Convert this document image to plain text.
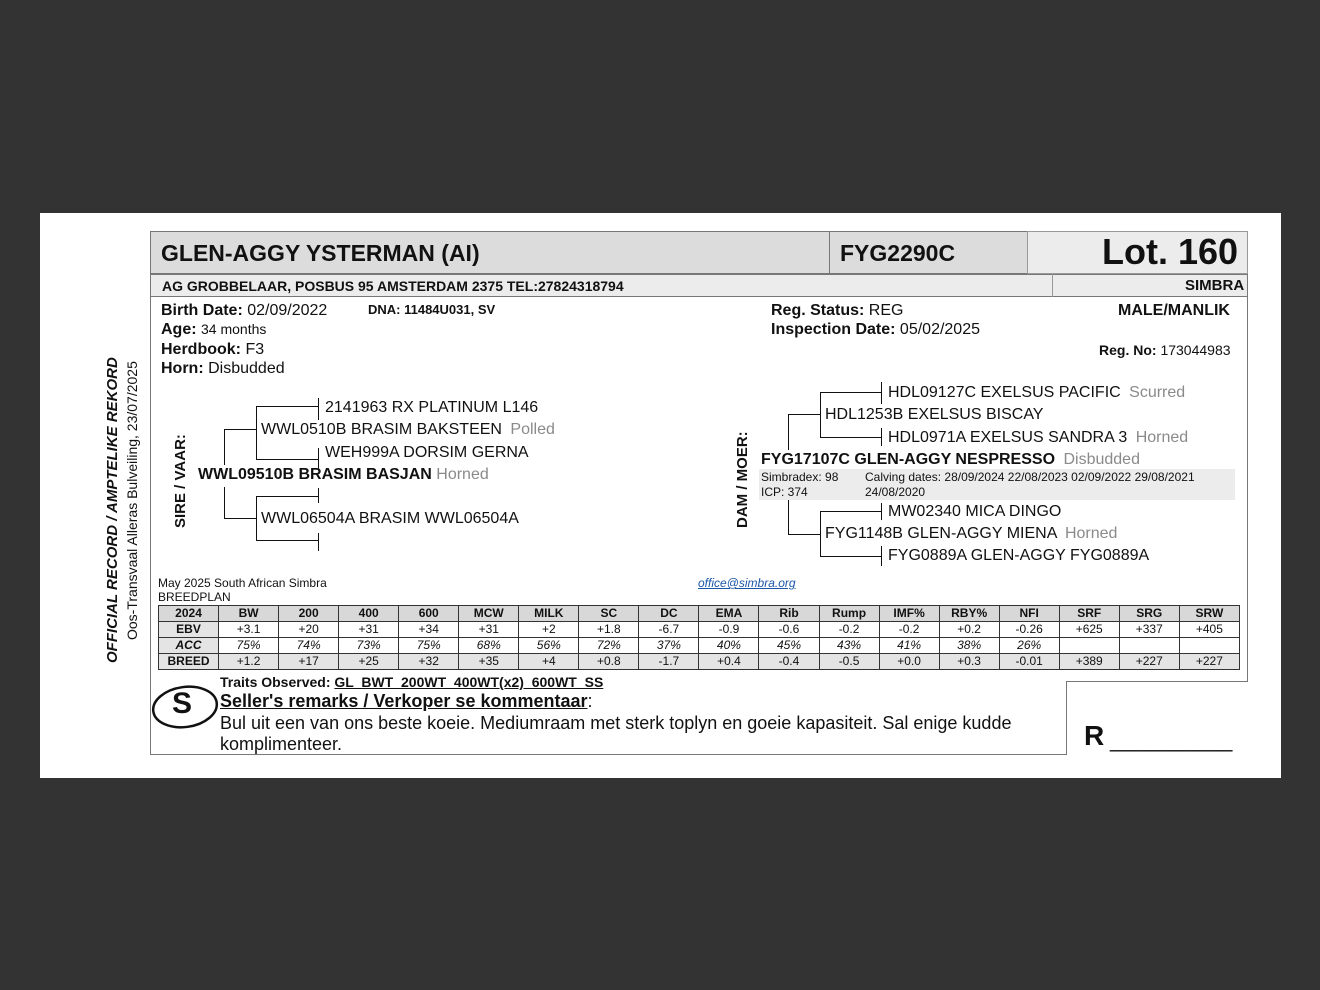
GLEN-AGGY YSTERMAN (AI)	FYG2290C	Lot. 160
AG GROBBELAAR, POSBUS 95 AMSTERDAM 2375 TEL:27824318794	SIMBRA
OFFICIAL RECORD / AMPTELIKE REKORD Oos-Transvaal Alleras Bulveiling, 23/07/2025
Birth Date: 02/09/2022	DNA: 11484U031, SV
Age: 34 months
Herdbook: F3
Horn: Disbudded
Reg. Status: REG
Inspection Date: 05/02/2025
MALE/MANLIK
Reg. No: 173044983
SIRE / VAAR:
2141963 RX PLATINUM L146
WWL0510B BRASIM BAKSTEEN Polled
WEH999A DORSIM GERNA
WWL09510B BRASIM BASJAN Horned
WWL06504A BRASIM WWL06504A	DAM / MOER:
HDL09127C EXELSUS PACIFIC Scurred
HDL1253B EXELSUS BISCAY
HDL0971A EXELSUS SANDRA 3 Horned
FYG17107C GLEN-AGGY NESPRESSO Disbudded
Simbradex: 98
ICP: 374
Calving dates: 28/09/2024 22/08/2023 02/09/2022 29/08/2021
24/08/2020
MW02340 MICA DINGO
FYG1148B GLEN-AGGY MIENA Horned
FYG0889A GLEN-AGGY FYG0889A
May 2025 South African Simbra
BREEDPLAN
office@simbra.org
2024	BW	200	400	600	MCW	MILK	SC	DC	EMA	Rib	Rump	IMF%	RBY%	NFI	SRF	SRG	SRW
EBV	+3.1	+20	+31	+34	+31	+2	+1.8	-6.7	-0.9	-0.6	-0.2	-0.2	+0.2	-0.26	+625	+337	+405
ACC	75%	74%	73%	75%	68%	56%	72%	37%	40%	45%	43%	41%	38%	26%			
BREED	+1.2	+17	+25	+32	+35	+4	+0.8	-1.7	+0.4	-0.4	-0.5	+0.0	+0.3	-0.01	+389	+227	+227
S
Traits Observed: GL  BWT  200WT  400WT(x2)  600WT  SS
Seller's remarks / Verkoper se kommentaar:
Bul uit een van ons beste koeie. Mediumraam met sterk toplyn en goeie kapasiteit. Sal enige kudde
komplimenteer.	R __________
